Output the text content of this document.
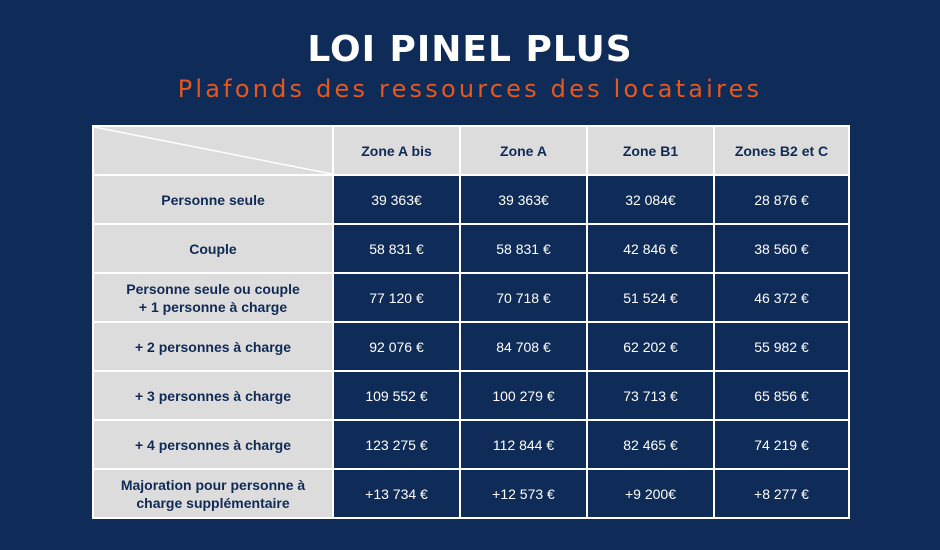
LOI PINEL PLUS
Plafonds des ressources des locataires
	Zone A bis	Zone A	Zone B1	Zones B2 et C
Personne seule	39 363€	39 363€	32 084€	28 876 €
Couple	58 831 €	58 831 €	42 846 €	38 560 €
Personne seule ou couple
+ 1 personne à charge	77 120 €	70 718 €	51 524 €	46 372 €
+ 2 personnes à charge	92 076 €	84 708 €	62 202 €	55 982 €
+ 3 personnes à charge	109 552 €	100 279 €	73 713 €	65 856 €
+ 4 personnes à charge	123 275 €	112 844 €	82 465 €	74 219 €
Majoration pour personne à
charge supplémentaire	+13 734 €	+12 573 €	+9 200€	+8 277 €
